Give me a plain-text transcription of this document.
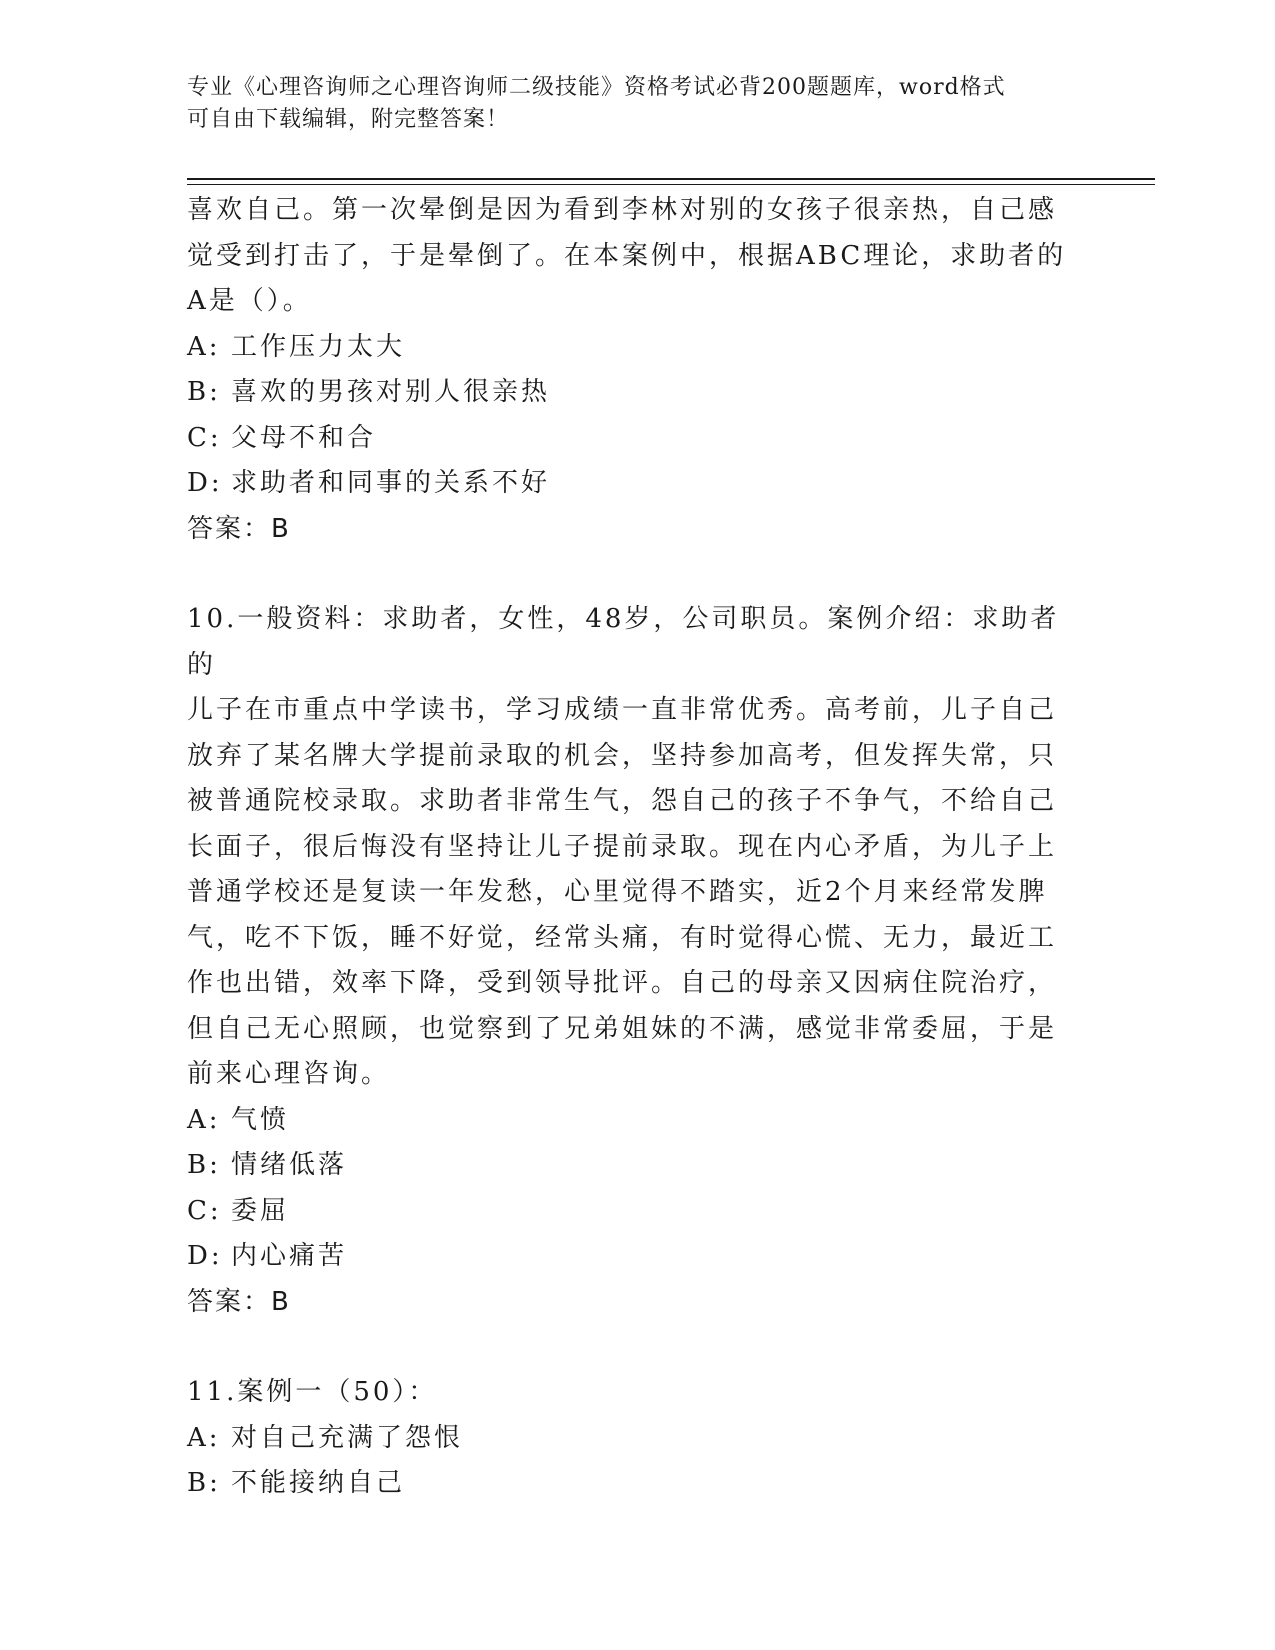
专业《心理咨询师之心理咨询师二级技能》资格考试必背200题题库，word格式
可自由下载编辑，附完整答案！

喜欢自己。第一次晕倒是因为看到李林对别的女孩子很亲热，自己感

觉受到打击了，于是晕倒了。在本案例中，根据ABC理论，求助者的

A是（）。

A: 工作压力太大

B: 喜欢的男孩对别人很亲热

C: 父母不和合

D: 求助者和同事的关系不好

答案：B

10.一般资料：求助者，女性，48岁，公司职员。案例介绍：求助者的

儿子在市重点中学读书，学习成绩一直非常优秀。高考前，儿子自己

放弃了某名牌大学提前录取的机会，坚持参加高考，但发挥失常，只

被普通院校录取。求助者非常生气，怨自己的孩子不争气，不给自己

长面子，很后悔没有坚持让儿子提前录取。现在内心矛盾，为儿子上

普通学校还是复读一年发愁，心里觉得不踏实，近2个月来经常发脾

气，吃不下饭，睡不好觉，经常头痛，有时觉得心慌、无力，最近工

作也出错，效率下降，受到领导批评。自己的母亲又因病住院治疗，

但自己无心照顾，也觉察到了兄弟姐妹的不满，感觉非常委屈，于是

前来心理咨询。

A: 气愤

B: 情绪低落

C: 委屈

D: 内心痛苦

答案：B

11.案例一（50）：

A: 对自己充满了怨恨

B: 不能接纳自己
